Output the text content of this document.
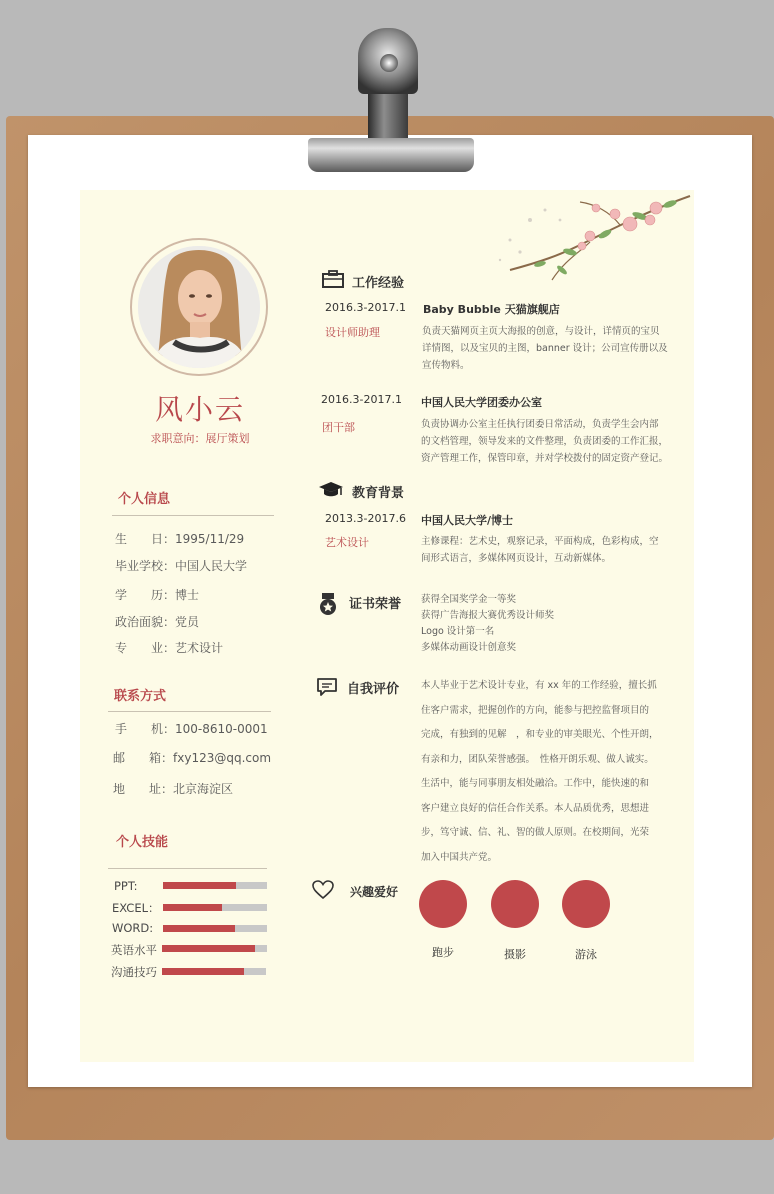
风小云
求职意向：展厅策划
个人信息
生　　日：1995/11/29
毕业学校：中国人民大学
学　　历：博士
政治面貌：党员
专　　业：艺术设计
联系方式
手　　机：100-8610-0001
邮　　箱：fxy123@qq.com
地　　址：北京海淀区
个人技能
PPT:
EXCEL：
WORD:
英语水平
沟通技巧
工作经验
2016.3-2017.1
设计师助理
Baby Bubble 天猫旗舰店
负责天猫网页主页大海报的创意，与设计，详情页的宝贝
详情图，以及宝贝的主图，banner 设计；公司宣传册以及
宣传物料。
2016.3-2017.1
团干部
中国人民大学团委办公室
负责协调办公室主任执行团委日常活动，负责学生会内部
的文档管理，领导发来的文件整理，负责团委的工作汇报，
资产管理工作，保管印章，并对学校拨付的固定资产登记。
教育背景
2013.3-2017.6
艺术设计
中国人民大学/博士
主修课程：艺术史，观察记录，平面构成，色彩构成，空
间形式语言，多媒体网页设计，互动新媒体。
证书荣誉 获得全国奖学金一等奖
获得广告海报大赛优秀设计师奖
Logo 设计第一名
多媒体动画设计创意奖
自我评价 本人毕业于艺术设计专业，有 xx 年的工作经验，擅长抓
住客户需求，把握创作的方向，能参与把控监督项目的
完成，有独到的见解　，和专业的审美眼光、个性开朗，
有亲和力，团队荣誉感强。　性格开朗乐观、做人诚实。
生活中，能与同事朋友相处融洽。工作中，能快速的和
客户建立良好的信任合作关系。本人品质优秀，思想进
步，笃守诚、信、礼、智的做人原则。在校期间，光荣
加入中国共产党。
兴趣爱好
跑步	摄影	游泳
